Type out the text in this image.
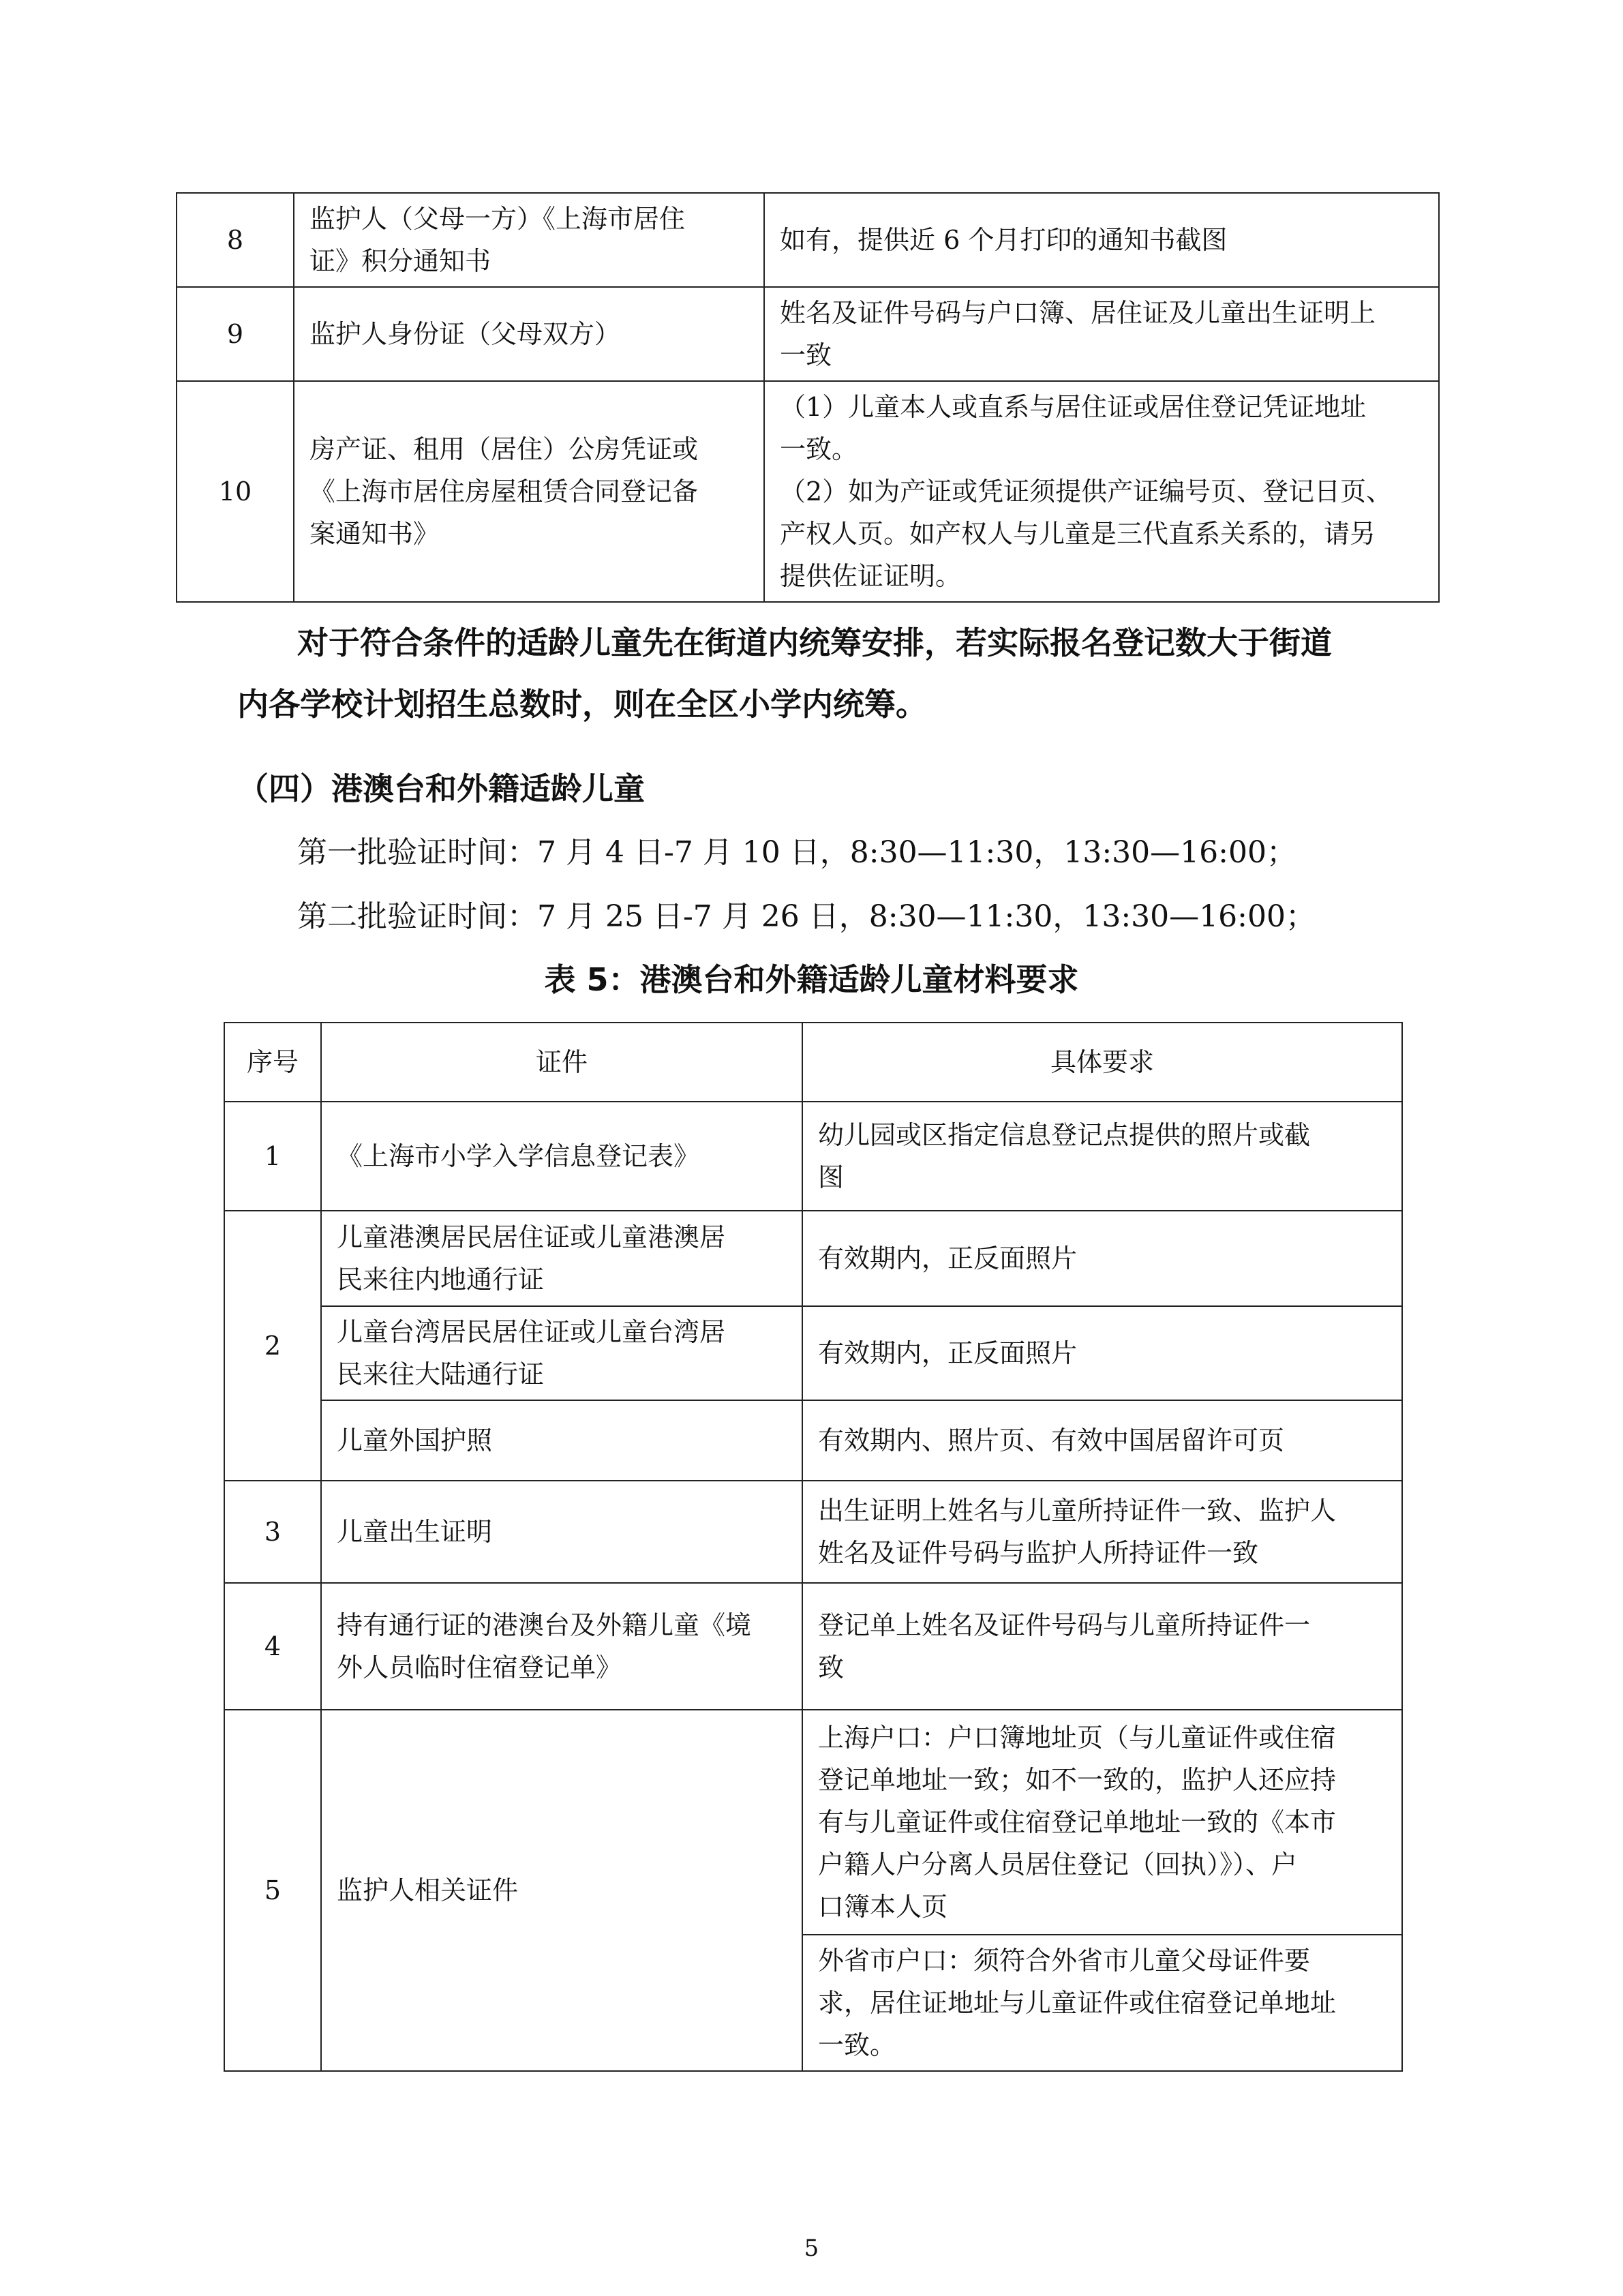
8	监护人（父母一方）《上海市居住
证》积分通知书	如有，提供近 6 个月打印的通知书截图

9	监护人身份证（父母双方）	姓名及证件号码与户口簿、居住证及儿童出生证明上
一致

10	房产证、租用（居住）公房凭证或
《上海市居住房屋租赁合同登记备
案通知书》	（1）儿童本人或直系与居住证或居住登记凭证地址
一致。
（2）如为产证或凭证须提供产证编号页、登记日页、
产权人页。如产权人与儿童是三代直系关系的，请另
提供佐证证明。
对于符合条件的适龄儿童先在街道内统筹安排，若实际报名登记数大于街道
内各学校计划招生总数时，则在全区小学内统筹。
（四）港澳台和外籍适龄儿童
第一批验证时间：7 月 4 日-7 月 10 日，8:30—11:30，13:30—16:00；
第二批验证时间：7 月 25 日-7 月 26 日，8:30—11:30，13:30—16:00；
表 5：港澳台和外籍适龄儿童材料要求
序号	证件	具体要求
1	《上海市小学入学信息登记表》	幼儿园或区指定信息登记点提供的照片或截
图

2	儿童港澳居民居住证或儿童港澳居
民来往内地通行证	有效期内，正反面照片

	儿童台湾居民居住证或儿童台湾居
民来往大陆通行证	有效期内，正反面照片

	儿童外国护照	有效期内、照片页、有效中国居留许可页

3	儿童出生证明	出生证明上姓名与儿童所持证件一致、监护人
姓名及证件号码与监护人所持证件一致

4	持有通行证的港澳台及外籍儿童《境
外人员临时住宿登记单》	登记单上姓名及证件号码与儿童所持证件一
致

5	监护人相关证件	上海户口：户口簿地址页（与儿童证件或住宿
登记单地址一致；如不一致的，监护人还应持
有与儿童证件或住宿登记单地址一致的《本市
户籍人户分离人员居住登记（回执）》）、户
口簿本人页

		外省市户口：须符合外省市儿童父母证件要
求，居住证地址与儿童证件或住宿登记单地址
一致。
5
